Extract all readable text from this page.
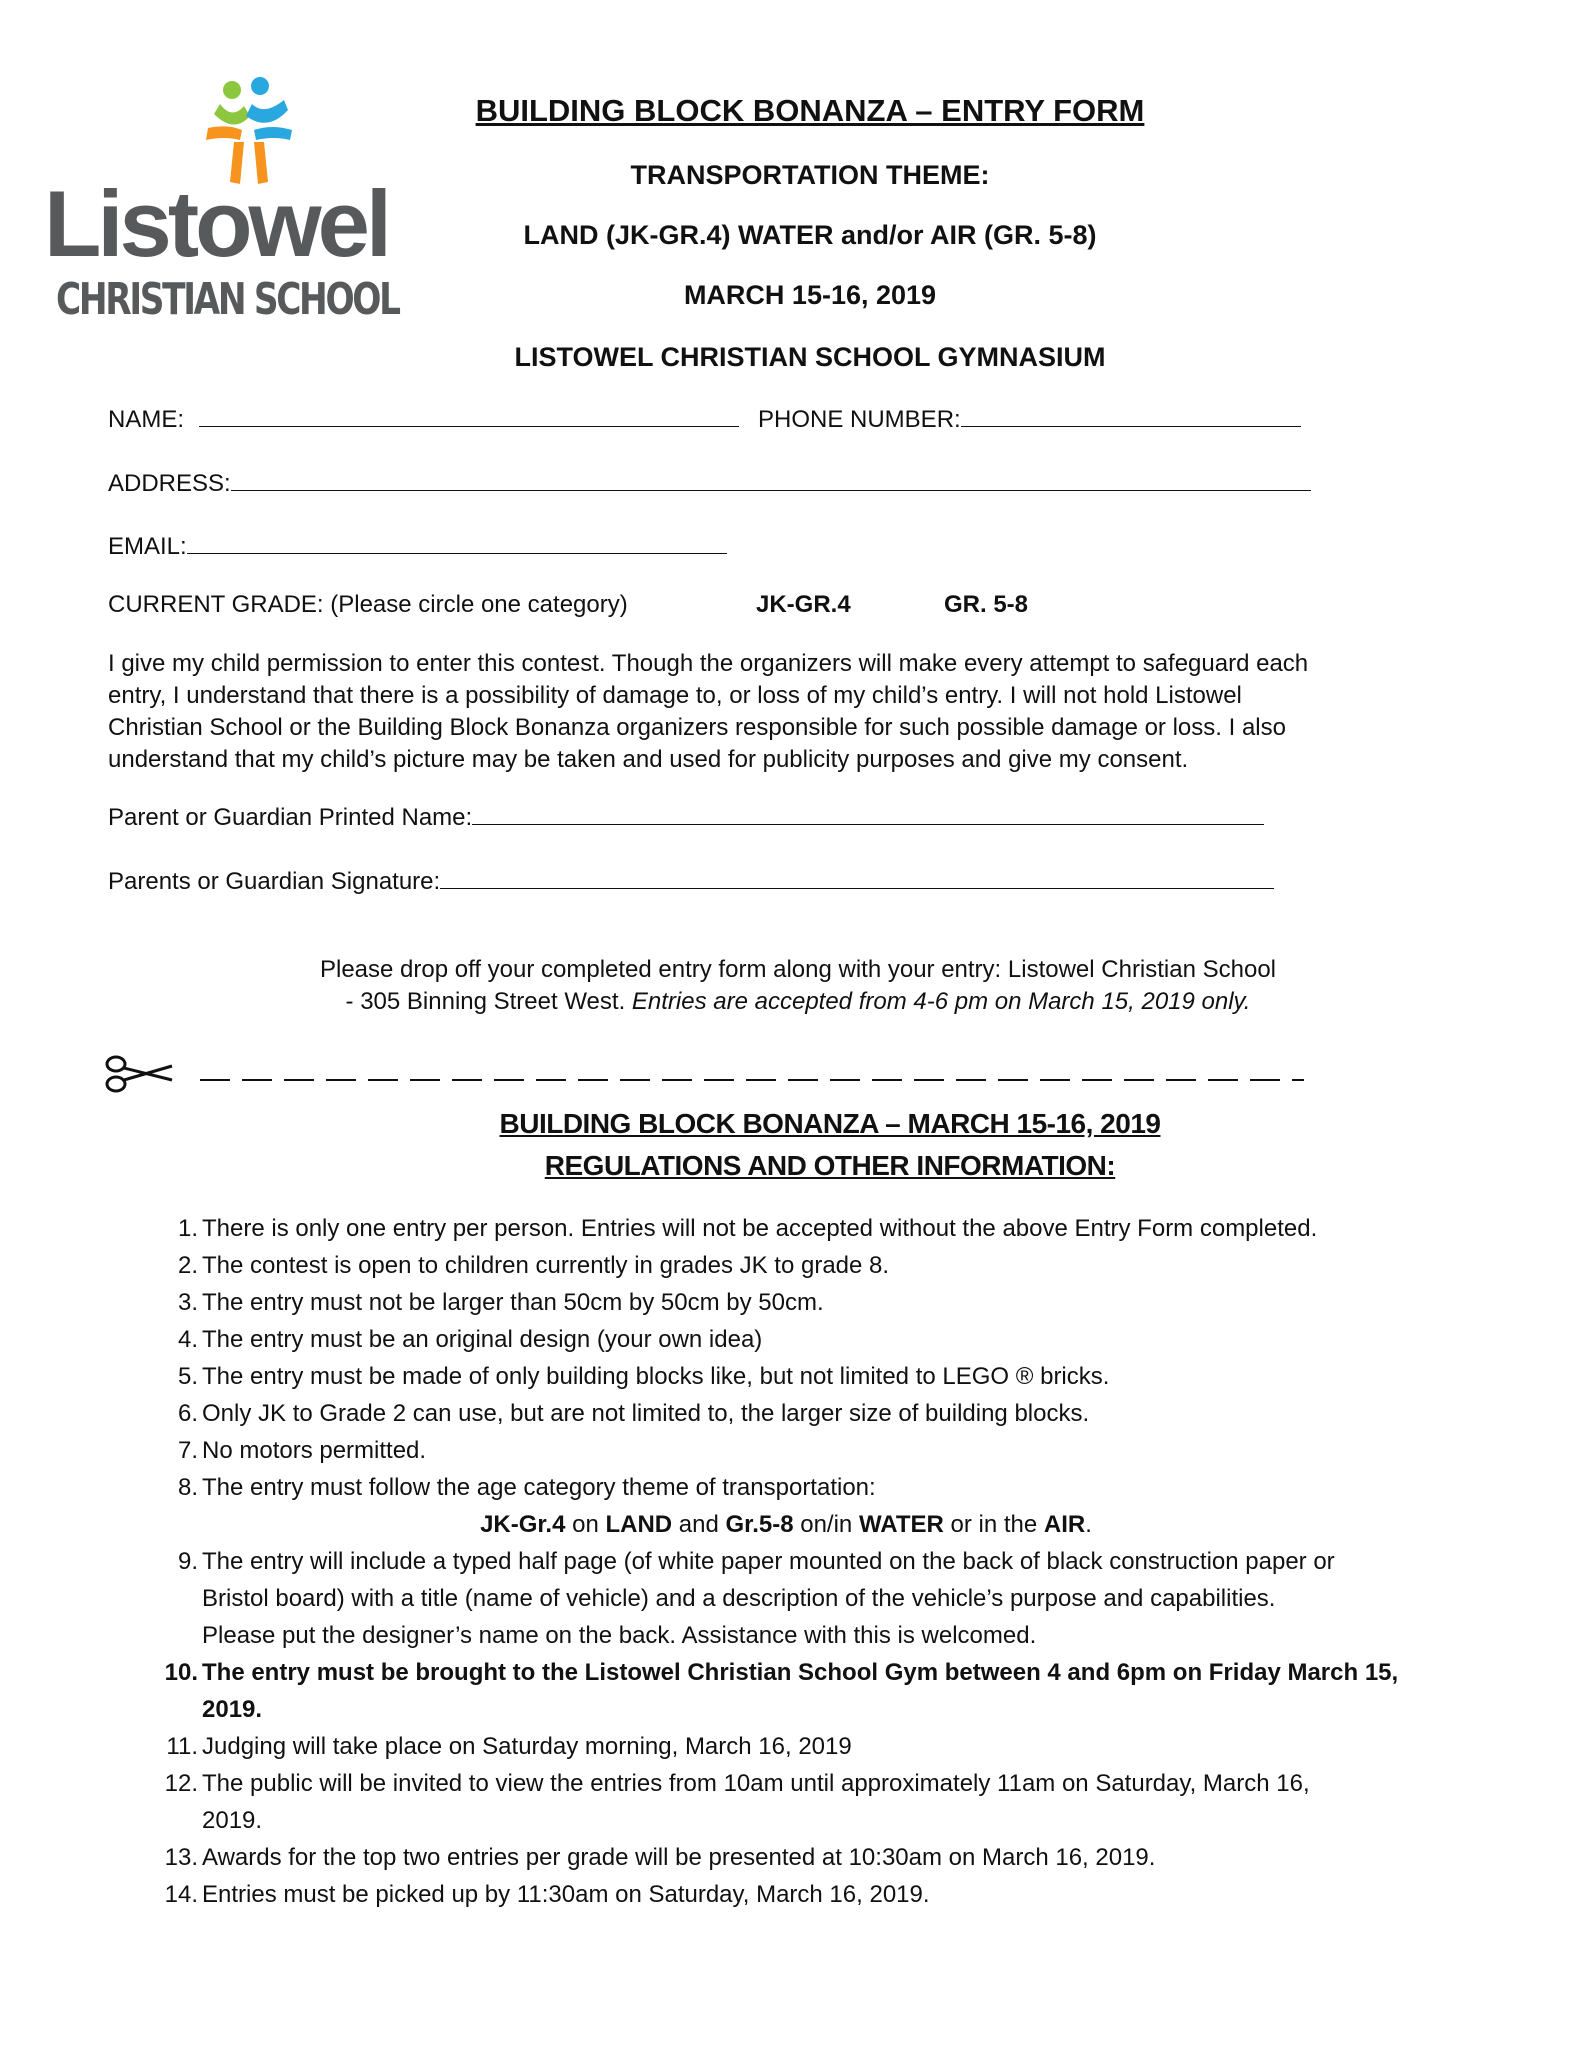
Listowel
CHRISTIAN SCHOOL
BUILDING BLOCK BONANZA – ENTRY FORM
TRANSPORTATION THEME:
LAND (JK-GR.4) WATER and/or AIR (GR. 5-8)
MARCH 15-16, 2019
LISTOWEL CHRISTIAN SCHOOL GYMNASIUM
NAME:	PHONE NUMBER:
ADDRESS:
EMAIL:
CURRENT GRADE: (Please circle one category)	JK-GR.4	GR. 5-8
I give my child permission to enter this contest. Though the organizers will make every attempt to safeguard each
entry, I understand that there is a possibility of damage to, or loss of my child’s entry. I will not hold Listowel
Christian School or the Building Block Bonanza organizers responsible for such possible damage or loss. I also
understand that my child’s picture may be taken and used for publicity purposes and give my consent.
Parent or Guardian Printed Name:
Parents or Guardian Signature:
Please drop off your completed entry form along with your entry: Listowel Christian School
- 305 Binning Street West. Entries are accepted from 4-6 pm on March 15, 2019 only.
BUILDING BLOCK BONANZA – MARCH 15-16, 2019
REGULATIONS AND OTHER INFORMATION:
1. There is only one entry per person. Entries will not be accepted without the above Entry Form completed.
2. The contest is open to children currently in grades JK to grade 8.
3. The entry must not be larger than 50cm by 50cm by 50cm.
4. The entry must be an original design (your own idea)
5. The entry must be made of only building blocks like, but not limited to LEGO ® bricks.
6. Only JK to Grade 2 can use, but are not limited to, the larger size of building blocks.
7. No motors permitted.
8. The entry must follow the age category theme of transportation:
JK-Gr.4 on LAND and Gr.5-8 on/in WATER or in the AIR.
9. The entry will include a typed half page (of white paper mounted on the back of black construction paper or
Bristol board) with a title (name of vehicle) and a description of the vehicle’s purpose and capabilities.
Please put the designer’s name on the back. Assistance with this is welcomed.
10. The entry must be brought to the Listowel Christian School Gym between 4 and 6pm on Friday March 15,
2019.
11. Judging will take place on Saturday morning, March 16, 2019
12. The public will be invited to view the entries from 10am until approximately 11am on Saturday, March 16,
2019.
13. Awards for the top two entries per grade will be presented at 10:30am on March 16, 2019.
14. Entries must be picked up by 11:30am on Saturday, March 16, 2019.
